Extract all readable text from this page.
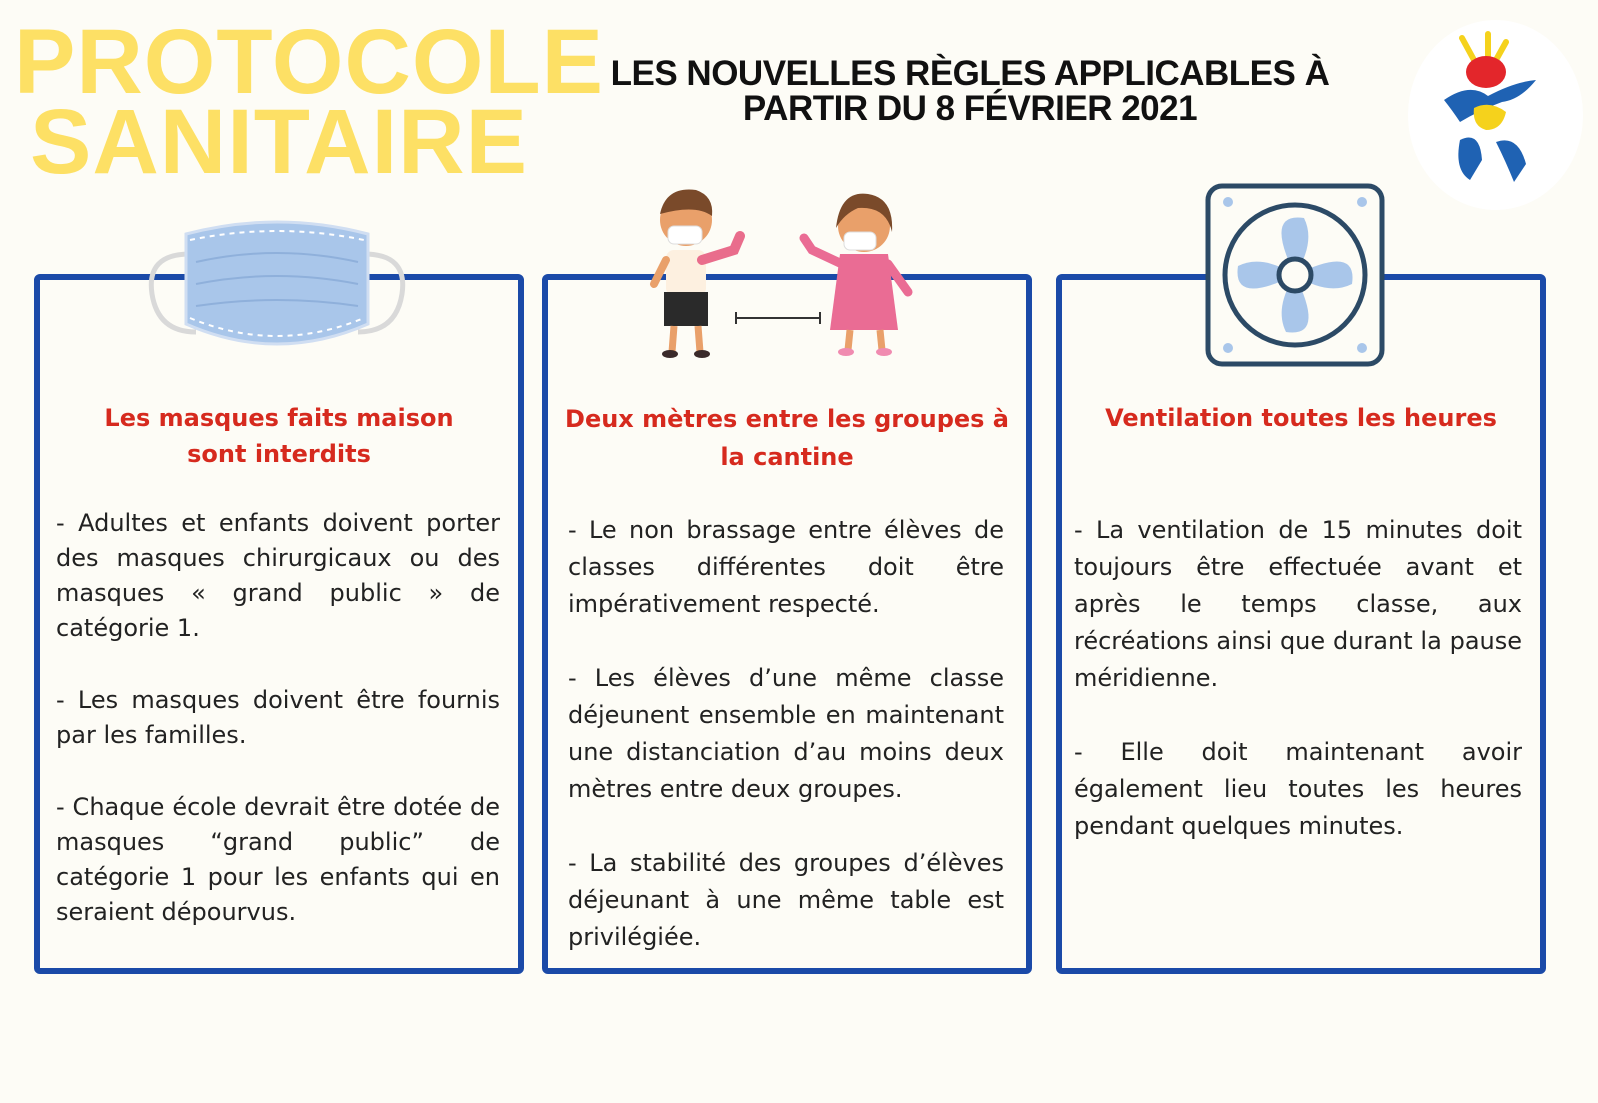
PROTOCOLE
SANITAIRE
LES NOUVELLES RÈGLES APPLICABLES À
PARTIR DU 8 FÉVRIER 2021
Les masques faits maison
sont interdits

- Adultes et enfants doivent porter des masques chirurgicaux ou des masques « grand public » de catégorie 1.

- Les masques doivent être fournis par les familles.

- Chaque école devrait être dotée de masques “grand public” de catégorie 1 pour les enfants qui en seraient dépourvus.

Deux mètres entre les groupes à
la cantine

- Le non brassage entre élèves de classes différentes doit être impérativement respecté.

- Les élèves d’une même classe déjeunent ensemble en maintenant une distanciation d’au moins deux mètres entre deux groupes.

- La stabilité des groupes d’élèves déjeunant à une même table est privilégiée.

Ventilation toutes les heures

- La ventilation de 15 minutes doit toujours être effectuée avant et après le temps classe, aux récréations ainsi que durant la pause méridienne.

- Elle doit maintenant avoir également lieu toutes les heures pendant quelques minutes.
